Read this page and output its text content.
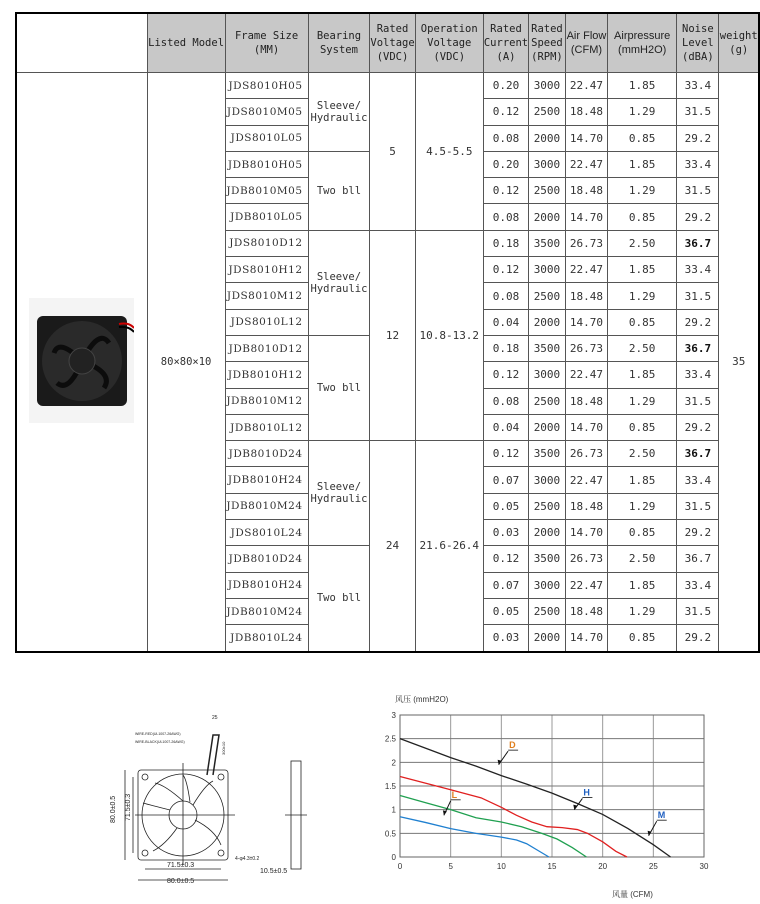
	Listed Model	Frame Size (MM)	Bearing System	Rated Voltage (VDC)	Operation Voltage (VDC)	Rated Current (A)	Rated Speed (RPM)	Air Flow (CFM)	Airpressure (mmH2O)	Noise Level (dBA)	weight (g)
	80×80×10	JDS8010H05	Sleeve/ Hydraulic	5	4.5-5.5	0.20	3000	22.47	1.85	33.4	35
		JDS8010M05				0.12	2500	18.48	1.29	31.5	
		JDS8010L05				0.08	2000	14.70	0.85	29.2	
		JDB8010H05	Two bll			0.20	3000	22.47	1.85	33.4	
		JDB8010M05				0.12	2500	18.48	1.29	31.5	
		JDB8010L05				0.08	2000	14.70	0.85	29.2	
		JDS8010D12	Sleeve/ Hydraulic	12	10.8-13.2	0.18	3500	26.73	2.50	36.7	
		JDS8010H12				0.12	3000	22.47	1.85	33.4	
		JDS8010M12				0.08	2500	18.48	1.29	31.5	
		JDS8010L12				0.04	2000	14.70	0.85	29.2	
		JDB8010D12	Two bll			0.18	3500	26.73	2.50	36.7	
		JDB8010H12				0.12	3000	22.47	1.85	33.4	
		JDB8010M12				0.08	2500	18.48	1.29	31.5	
		JDB8010L12				0.04	2000	14.70	0.85	29.2	
		JDB8010D24	Sleeve/ Hydraulic	24	21.6-26.4	0.12	3500	26.73	2.50	36.7	
		JDB8010H24				0.07	3000	22.47	1.85	33.4	
		JDB8010M24				0.05	2500	18.48	1.29	31.5	
		JDS8010L24				0.03	2000	14.70	0.85	29.2	
		JDB8010D24	Two bll			0.12	3500	26.73	2.50	36.7	
		JDB8010H24				0.07	3000	22.47	1.85	33.4	
		JDB8010M24				0.05	2500	18.48	1.29	31.5	
		JDB8010L24				0.03	2000	14.70	0.85	29.2	
80.0±0.5 71.5±0.3
71.5±0.3
80.0±0.5
10.5±0.5
4-φ4.3±0.2
25
WIRE-RED(UL1007-26AWG)
WIRE-BLACK(UL1007-26AWG)	300±10
风压 (mmH2O)
风量 (CFM)
0	5	10	15	20	25	30
0
0.5
1
1.5
2
2.5
3
D
H
L
M
